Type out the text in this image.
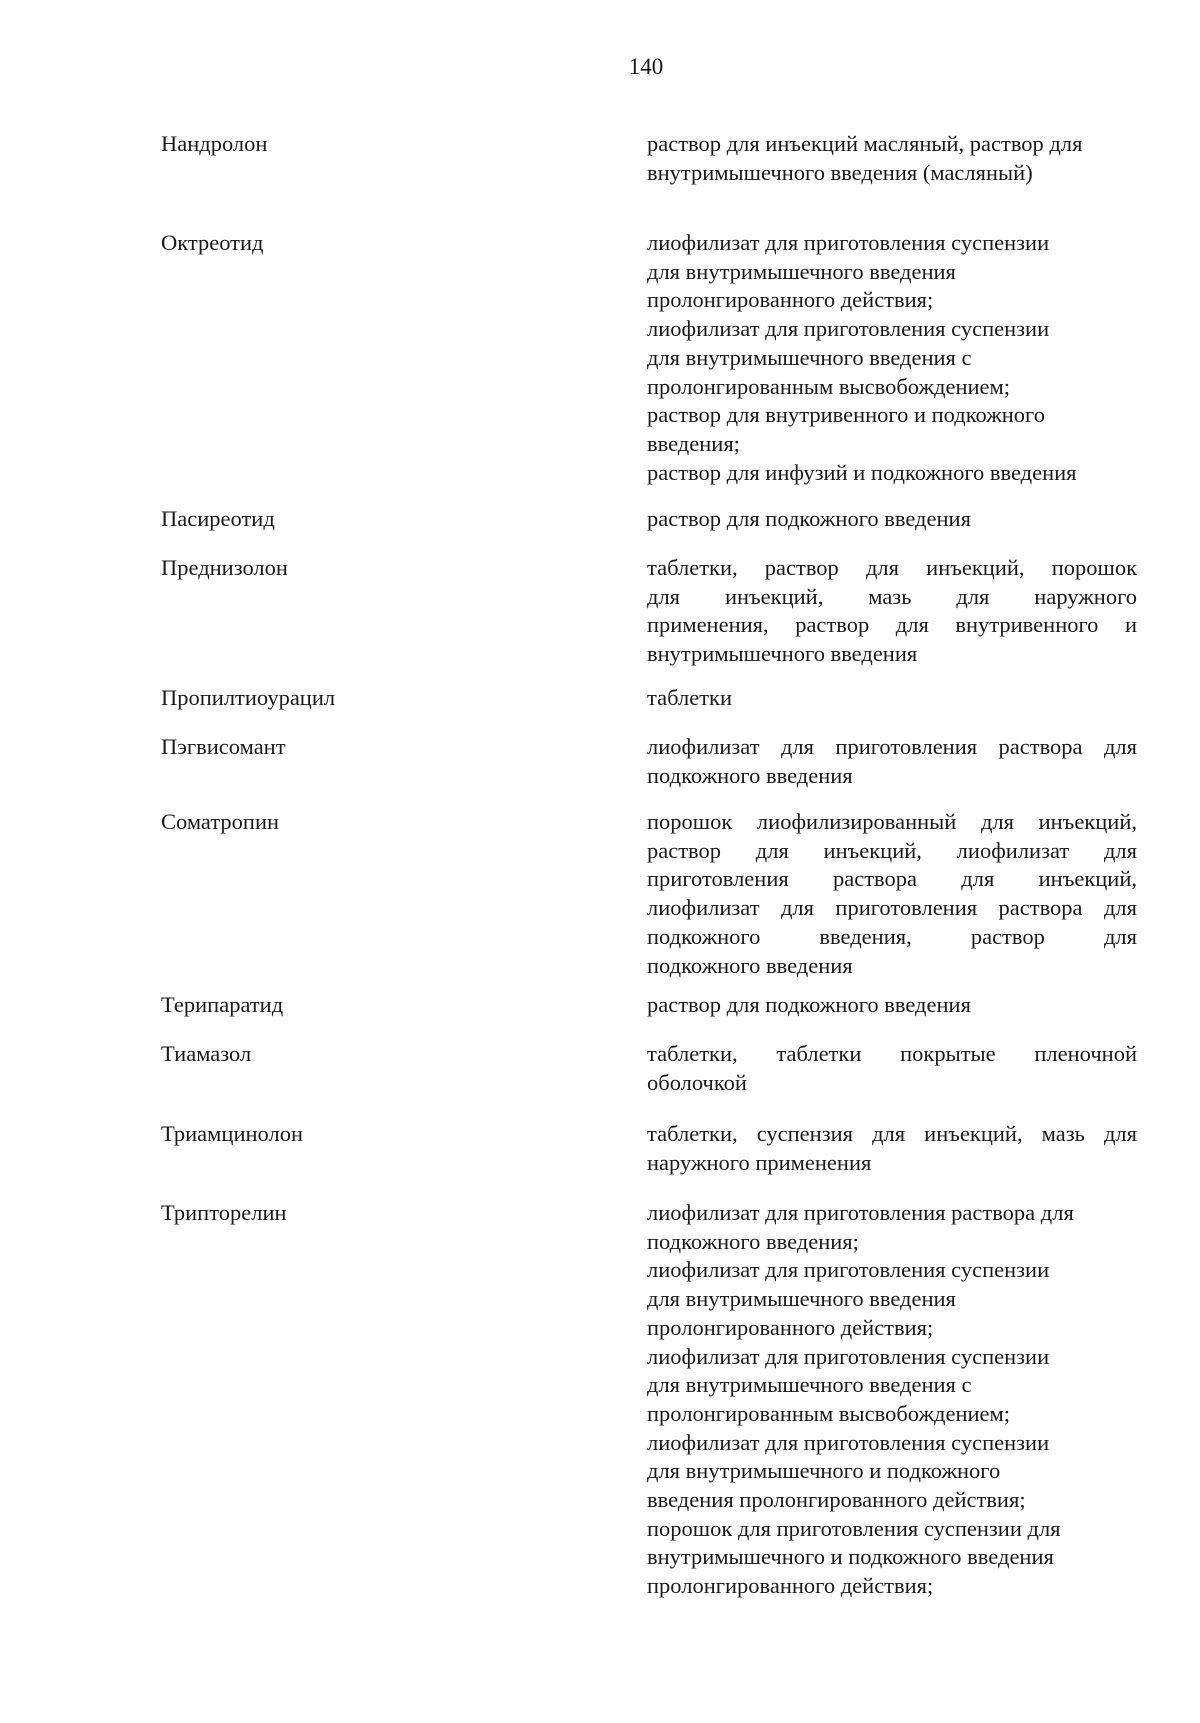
140
Нандролон	раствор для инъекций масляный, раствор для
внутримышечного введения (масляный)
Октреотид	лиофилизат для приготовления суспензии
для внутримышечного введения
пролонгированного действия;
лиофилизат для приготовления суспензии
для внутримышечного введения с
пролонгированным высвобождением;
раствор для внутривенного и подкожного
введения;
раствор для инфузий и подкожного введения
Пасиреотид	раствор для подкожного введения
Преднизолон	таблетки, раствор для инъекций, порошок
для инъекций, мазь для наружного
применения, раствор для внутривенного и
внутримышечного введения
Пропилтиоурацил	таблетки
Пэгвисомант	лиофилизат для приготовления раствора для
подкожного введения
Соматропин	порошок лиофилизированный для инъекций,
раствор для инъекций, лиофилизат для
приготовления раствора для инъекций,
лиофилизат для приготовления раствора для
подкожного введения, раствор для
подкожного введения
Терипаратид	раствор для подкожного введения
Тиамазол	таблетки, таблетки покрытые пленочной
оболочкой
Триамцинолон	таблетки, суспензия для инъекций, мазь для
наружного применения
Трипторелин	лиофилизат для приготовления раствора для
подкожного введения;
лиофилизат для приготовления суспензии
для внутримышечного введения
пролонгированного действия;
лиофилизат для приготовления суспензии
для внутримышечного введения с
пролонгированным высвобождением;
лиофилизат для приготовления суспензии
для внутримышечного и подкожного
введения пролонгированного действия;
порошок для приготовления суспензии для
внутримышечного и подкожного введения
пролонгированного действия;
